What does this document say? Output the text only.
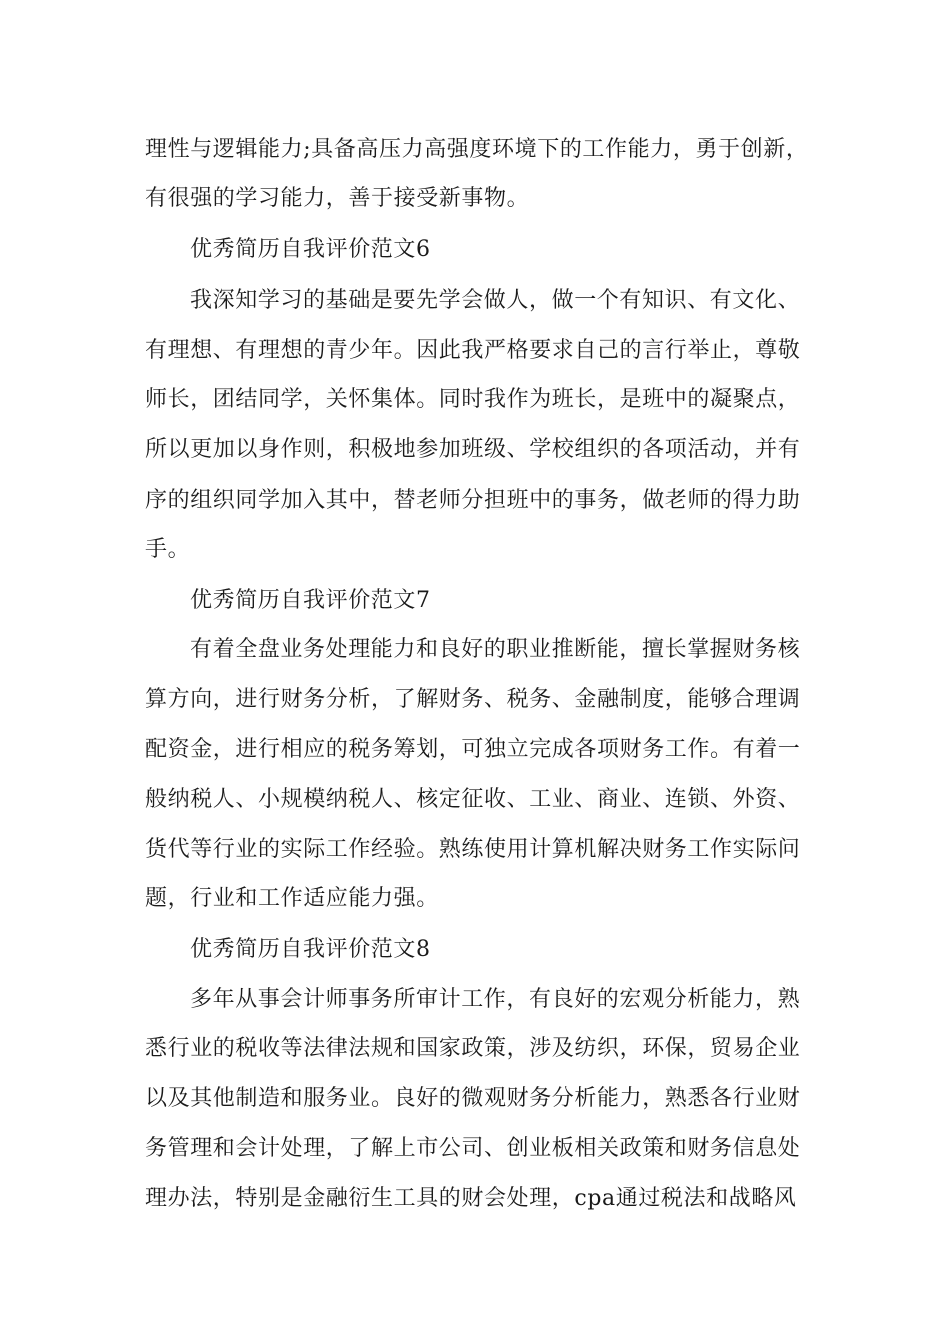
理性与逻辑能力;具备高压力高强度环境下的工作能力，勇于创新，
有很强的学习能力，善于接受新事物。
优秀简历自我评价范文6
我深知学习的基础是要先学会做人，做一个有知识、有文化、
有理想、有理想的青少年。因此我严格要求自己的言行举止，尊敬
师长，团结同学，关怀集体。同时我作为班长，是班中的凝聚点，
所以更加以身作则，积极地参加班级、学校组织的各项活动，并有
序的组织同学加入其中，替老师分担班中的事务，做老师的得力助
手。
优秀简历自我评价范文7
有着全盘业务处理能力和良好的职业推断能，擅长掌握财务核
算方向，进行财务分析，了解财务、税务、金融制度，能够合理调
配资金，进行相应的税务筹划，可独立完成各项财务工作。有着一
般纳税人、小规模纳税人、核定征收、工业、商业、连锁、外资、
货代等行业的实际工作经验。熟练使用计算机解决财务工作实际问
题，行业和工作适应能力强。
优秀简历自我评价范文8
多年从事会计师事务所审计工作，有良好的宏观分析能力，熟
悉行业的税收等法律法规和国家政策，涉及纺织，环保，贸易企业
以及其他制造和服务业。良好的微观财务分析能力，熟悉各行业财
务管理和会计处理，了解上市公司、创业板相关政策和财务信息处
理办法，特别是金融衍生工具的财会处理，cpa通过税法和战略风
